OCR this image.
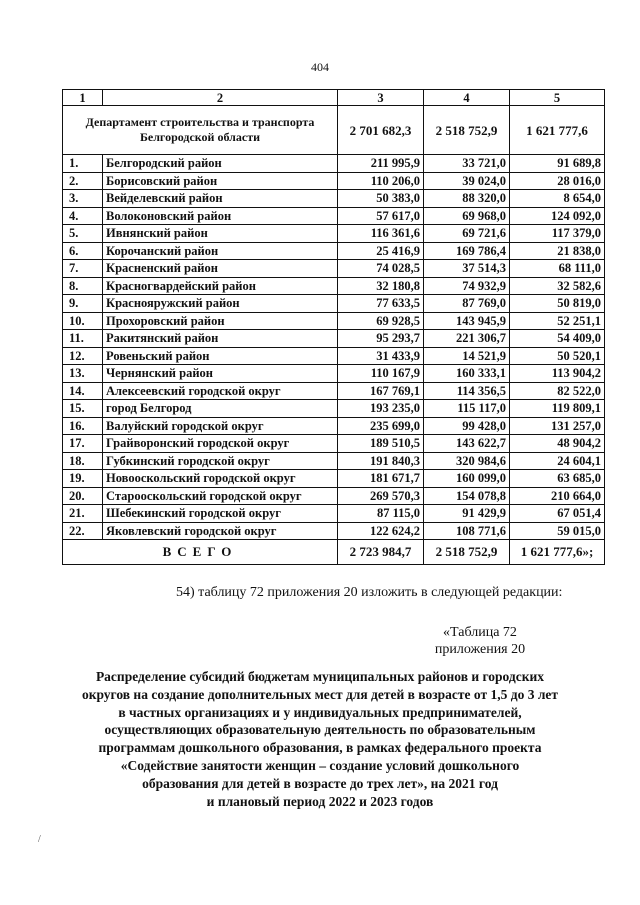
404
1	2	3	4	5
Департамент строительства и транспорта Белгородской области		2 701 682,3	2 518 752,9	1 621 777,6
1.	Белгородский район	211 995,9	33 721,0	91 689,8
2.	Борисовский район	110 206,0	39 024,0	28 016,0
3.	Вейделевский район	50 383,0	88 320,0	8 654,0
4.	Волоконовский район	57 617,0	69 968,0	124 092,0
5.	Ивнянский район	116 361,6	69 721,6	117 379,0
6.	Корочанский район	25 416,9	169 786,4	21 838,0
7.	Красненский район	74 028,5	37 514,3	68 111,0
8.	Красногвардейский район	32 180,8	74 932,9	32 582,6
9.	Краснояружский район	77 633,5	87 769,0	50 819,0
10.	Прохоровский район	69 928,5	143 945,9	52 251,1
11.	Ракитянский район	95 293,7	221 306,7	54 409,0
12.	Ровеньский район	31 433,9	14 521,9	50 520,1
13.	Чернянский район	110 167,9	160 333,1	113 904,2
14.	Алексеевский городской округ	167 769,1	114 356,5	82 522,0
15.	город Белгород	193 235,0	115 117,0	119 809,1
16.	Валуйский городской округ	235 699,0	99 428,0	131 257,0
17.	Грайворонский городской округ	189 510,5	143 622,7	48 904,2
18.	Губкинский городской округ	191 840,3	320 984,6	24 604,1
19.	Новооскольский городской округ	181 671,7	160 099,0	63 685,0
20.	Старооскольский городской округ	269 570,3	154 078,8	210 664,0
21.	Шебекинский городской округ	87 115,0	91 429,9	67 051,4
22.	Яковлевский городской округ	122 624,2	108 771,6	59 015,0
ВСЕГО		2 723 984,7	2 518 752,9	1 621 777,6»;
54) таблицу 72 приложения 20 изложить в следующей редакции:
«Таблица 72
приложения 20
Распределение субсидий бюджетам муниципальных районов и городских
округов на создание дополнительных мест для детей в возрасте от 1,5 до 3 лет
в частных организациях и у индивидуальных предпринимателей,
осуществляющих образовательную деятельность по образовательным
программам дошкольного образования, в рамках федерального проекта
«Содействие занятости женщин – создание условий дошкольного
образования для детей в возрасте до трех лет», на 2021 год
и плановый период 2022 и 2023 годов
/
